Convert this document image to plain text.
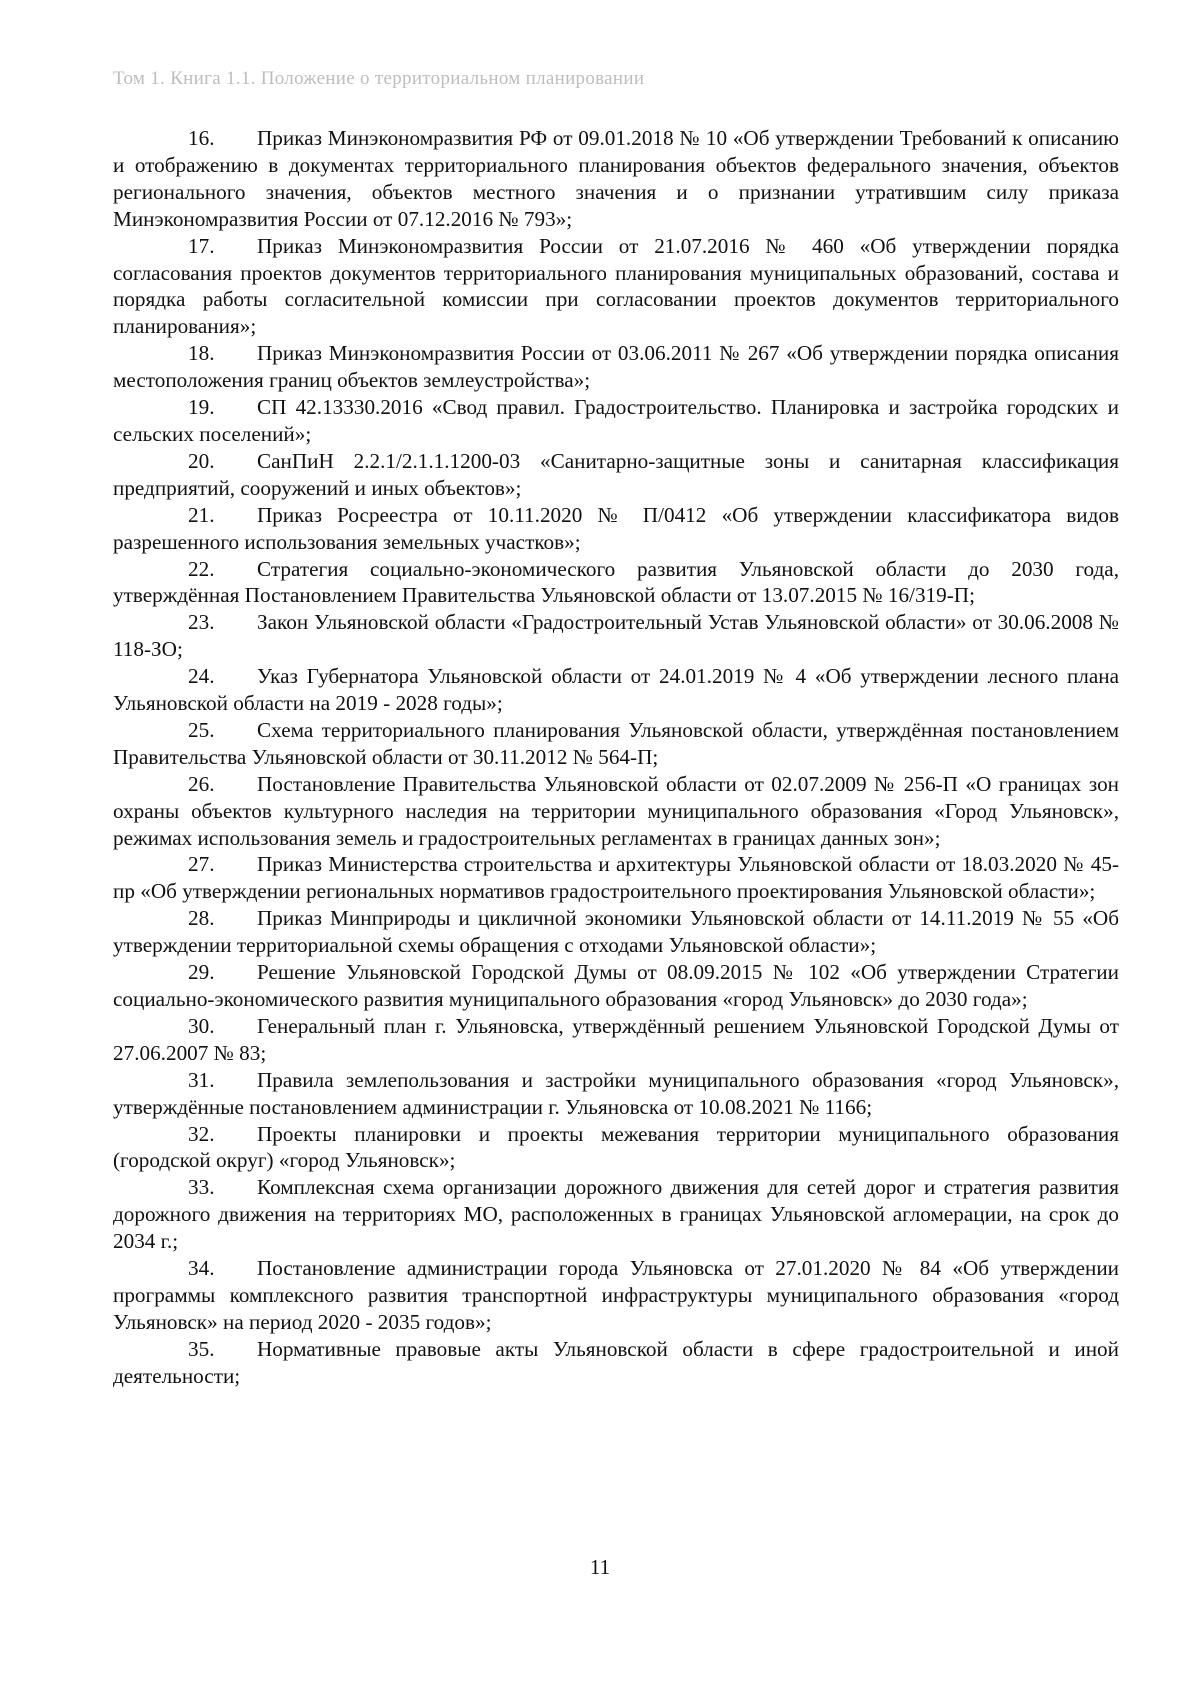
Том 1. Книга 1.1. Положение о территориальном планировании

16. Приказ Минэкономразвития РФ от 09.01.2018 № 10 «Об утверждении Требований к описанию и отображению в документах территориального планирования объектов федерального значения, объектов регионального значения, объектов местного значения и о признании утратившим силу приказа Минэкономразвития России от 07.12.2016 № 793»;

17. Приказ Минэкономразвития России от 21.07.2016 № 460 «Об утверждении порядка согласования проектов документов территориального планирования муниципальных образований, состава и порядка работы согласительной комиссии при согласовании проектов документов территориального планирования»;

18. Приказ Минэкономразвития России от 03.06.2011 № 267 «Об утверждении порядка описания местоположения границ объектов землеустройства»;

19. СП 42.13330.2016 «Свод правил. Градостроительство. Планировка и застройка городских и сельских поселений»;

20. СанПиН 2.2.1/2.1.1.1200-03 «Санитарно-защитные зоны и санитарная классификация предприятий, сооружений и иных объектов»;

21. Приказ Росреестра от 10.11.2020 № П/0412 «Об утверждении классификатора видов разрешенного использования земельных участков»;

22. Стратегия социально-экономического развития Ульяновской области до 2030 года, утверждённая Постановлением Правительства Ульяновской области от 13.07.2015 № 16/319-П;

23. Закон Ульяновской области «Градостроительный Устав Ульяновской области» от 30.06.2008 № 118-ЗО;

24. Указ Губернатора Ульяновской области от 24.01.2019 № 4 «Об утверждении лесного плана Ульяновской области на 2019 - 2028 годы»;

25. Схема территориального планирования Ульяновской области, утверждённая постановлением Правительства Ульяновской области от 30.11.2012 № 564-П;

26. Постановление Правительства Ульяновской области от 02.07.2009 № 256-П «О границах зон охраны объектов культурного наследия на территории муниципального образования «Город Ульяновск», режимах использования земель и градостроительных регламентах в границах данных зон»;

27. Приказ Министерства строительства и архитектуры Ульяновской области от 18.03.2020 № 45-пр «Об утверждении региональных нормативов градостроительного проектирования Ульяновской области»;

28. Приказ Минприроды и цикличной экономики Ульяновской области от 14.11.2019 № 55 «Об утверждении территориальной схемы обращения с отходами Ульяновской области»;

29. Решение Ульяновской Городской Думы от 08.09.2015 № 102 «Об утверждении Стратегии социально-экономического развития муниципального образования «город Ульяновск» до 2030 года»;

30. Генеральный план г. Ульяновска, утверждённый решением Ульяновской Городской Думы от 27.06.2007 № 83;

31. Правила землепользования и застройки муниципального образования «город Ульяновск», утверждённые постановлением администрации г. Ульяновска от 10.08.2021 № 1166;

32. Проекты планировки и проекты межевания территории муниципального образования (городской округ) «город Ульяновск»;

33. Комплексная схема организации дорожного движения для сетей дорог и стратегия развития дорожного движения на территориях МО, расположенных в границах Ульяновской агломерации, на срок до 2034 г.;

34. Постановление администрации города Ульяновска от 27.01.2020 № 84 «Об утверждении программы комплексного развития транспортной инфраструктуры муниципального образования «город Ульяновск» на период 2020 - 2035 годов»;

35. Нормативные правовые акты Ульяновской области в сфере градостроительной и иной деятельности;

11
